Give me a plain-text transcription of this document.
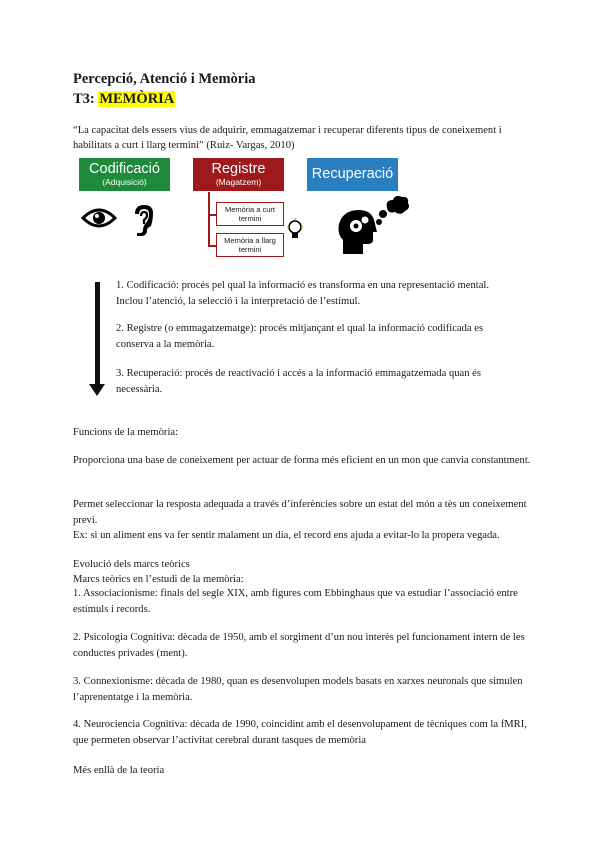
Percepció, Atenció i Memòria
T3: MEMÒRIA
“La capacitat dels essers vius de adquirir, emmagatzemar i recuperar diferents tipus de coneixement i habilitats a curt i llarg termini” (Ruiz- Vargas, 2010)
Codificació
(Adquisició)
Registre
(Magatzem)	Recuperació
Memòria a curt termini
Memòria a llarg termini
1. Codificació: procés pel qual la informació es transforma en una representació mental. Inclou l’atenció, la selecció i la interpretació de l’estímul.
2. Registre (o emmagatzematge): procés mitjançant el qual la informació codificada es conserva a la memòria.
3. Recuperació: procés de reactivació i accés a la informació emmagatzemada quan és necessària.
Funcions de la memòria:
Proporciona una base de coneixement per actuar de forma més eficient en un mon que canvia constantment.
Permet seleccionar la resposta adequada a través d’inferències sobre un estat del món a tès un coneixement previ.
Ex: si un aliment ens va fer sentir malament un dia, el record ens ajuda a evitar-lo la propera vegada.
Evolució dels marcs teòrics
Marcs teòrics en l’estudi de la memòria:
1. Associacionisme: finals del segle XIX, amb figures com Ebbinghaus que va estudiar l’associació entre estímuls i records.
2. Psicologia Cognitiva: dècada de 1950, amb el sorgiment d’un nou interès pel funcionament intern de les conductes privades (ment).
3. Connexionisme: dècada de 1980, quan es desenvolupen models basats en xarxes neuronals que simulen l’aprenentatge i la memòria.
4. Neurociencia Cognitiva: dècada de 1990, coincidint amb el desenvolupament de tècniques com la fMRI, que permeten observar l’activitat cerebral durant tasques de memòria
Més enllà de la teoria
